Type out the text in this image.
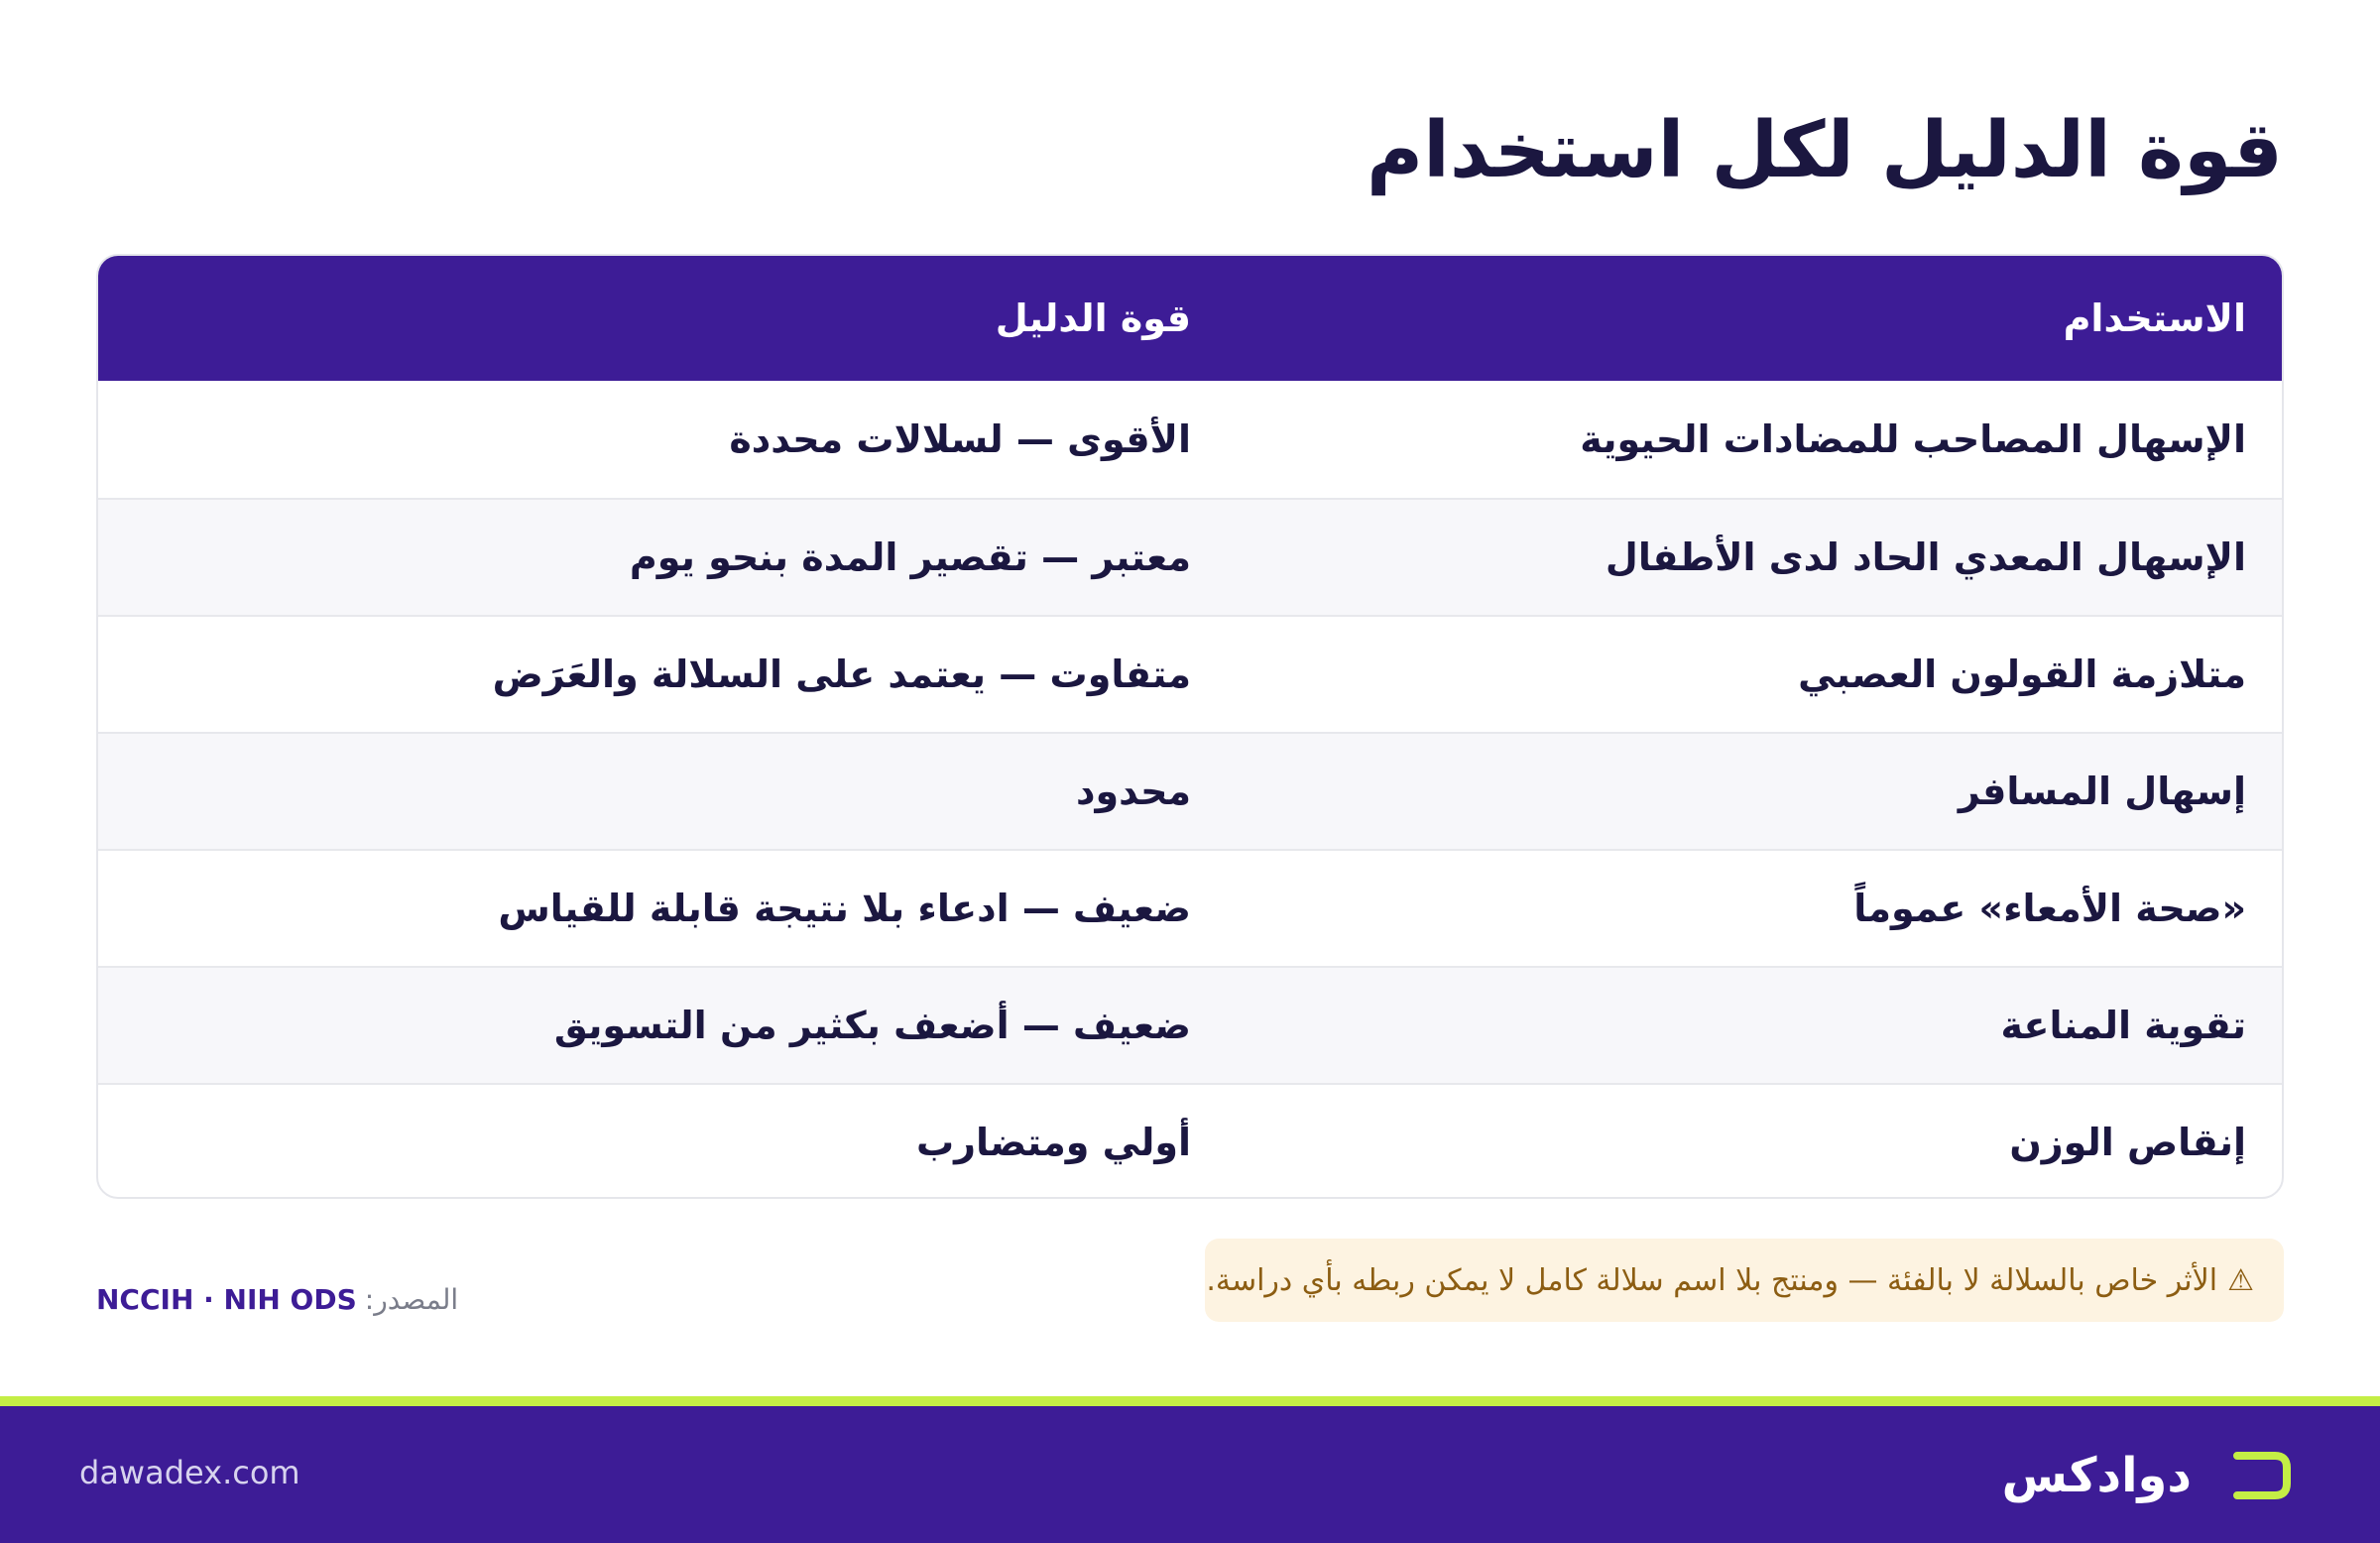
قوة الدليل لكل استخدام
الاستخدام
قوة الدليل
الإسهال المصاحب للمضادات الحيوية
الأقوى — لسلالات محددة
الإسهال المعدي الحاد لدى الأطفال
معتبر — تقصير المدة بنحو يوم
متلازمة القولون العصبي
متفاوت — يعتمد على السلالة والعَرَض
إسهال المسافر
محدود
«صحة الأمعاء» عموماً
ضعيف — ادعاء بلا نتيجة قابلة للقياس
تقوية المناعة
ضعيف — أضعف بكثير من التسويق
إنقاص الوزن
أولي ومتضارب
⚠
الأثر خاص بالسلالة لا بالفئة — ومنتج بلا اسم سلالة كامل لا يمكن ربطه بأي دراسة.
المصدر:
NCCIH · NIH ODS
دوادكس
dawadex.com
